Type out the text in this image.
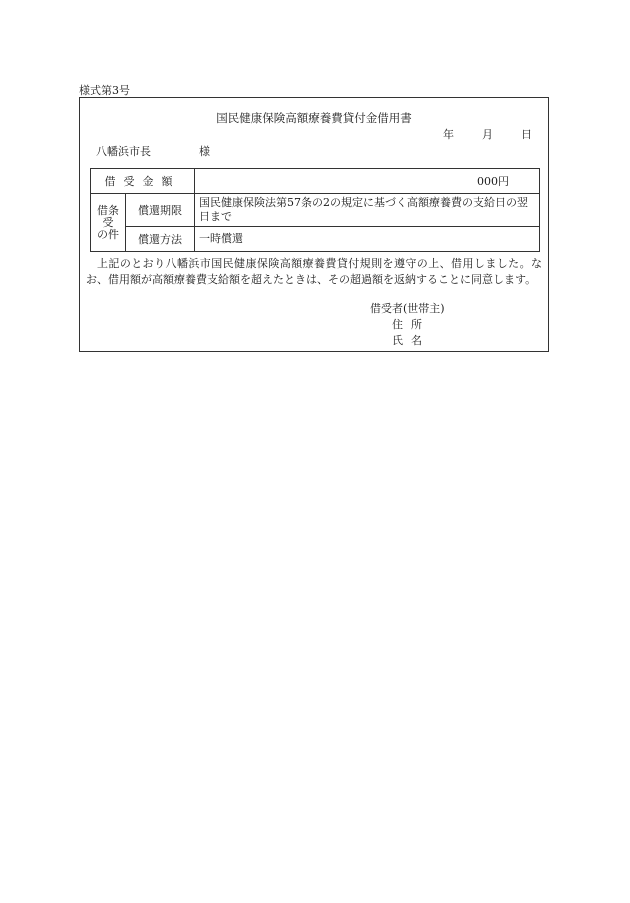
様式第3号
国民健康保険高額療養費貸付金借用書
年	月	日
八幡浜市長	様
借受金額		000円

借条
受
の件	償還期限	国民健康保険法第57条の2の規定に基づく高額療養費の支給日の翌日まで
	償還方法	一時償還
上記のとおり八幡浜市国民健康保険高額療養費貸付規則を遵守の上、借用しました。なお、借用額が高額療養費支給額を超えたときは、その超過額を返納することに同意します。
借受者(世帯主)
住所
氏名
